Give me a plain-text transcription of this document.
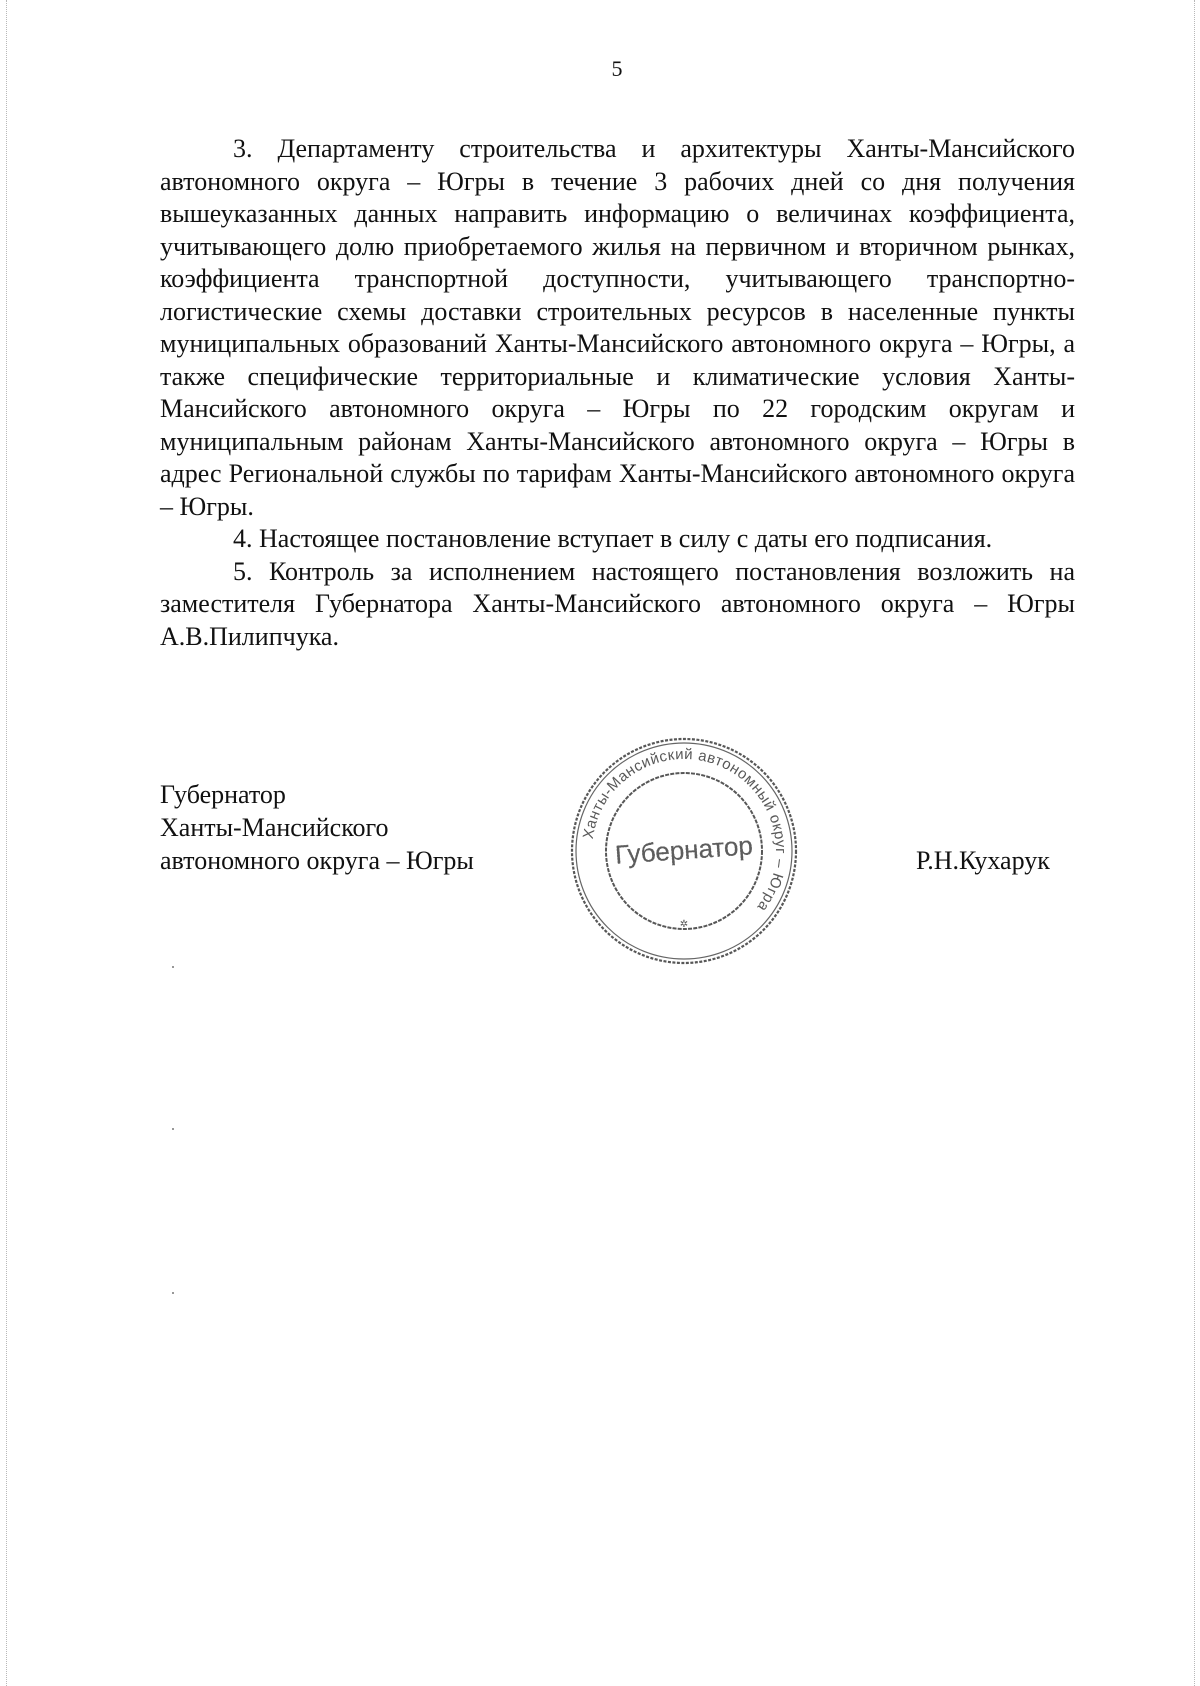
5

3. Департаменту строительства и архитектуры Ханты-Мансийского автономного округа – Югры в течение 3 рабочих дней со дня получения вышеуказанных данных направить информацию о величинах коэффициента, учитывающего долю приобретаемого жилья на первичном и вторичном рынках, коэффициента транспортной доступности, учитывающего транспортно-логистические схемы доставки строительных ресурсов в населенные пункты муниципальных образований Ханты-Мансийского автономного округа – Югры, а также специфические территориальные и климатические условия Ханты-Мансийского автономного округа – Югры по 22 городским округам и муниципальным районам Ханты-Мансийского автономного округа – Югры в адрес Региональной службы по тарифам Ханты-Мансийского автономного округа – Югры.

4. Настоящее постановление вступает в силу с даты его подписания.

5. Контроль за исполнением настоящего постановления возложить на заместителя Губернатора Ханты-Мансийского автономного округа – Югры А.В.Пилипчука.

Губернатор
Ханты-Мансийского
автономного округа – Югры
Ханты-Мансийский автономный округ – Югра
Губернатор
✲
Р.Н.Кухарук
